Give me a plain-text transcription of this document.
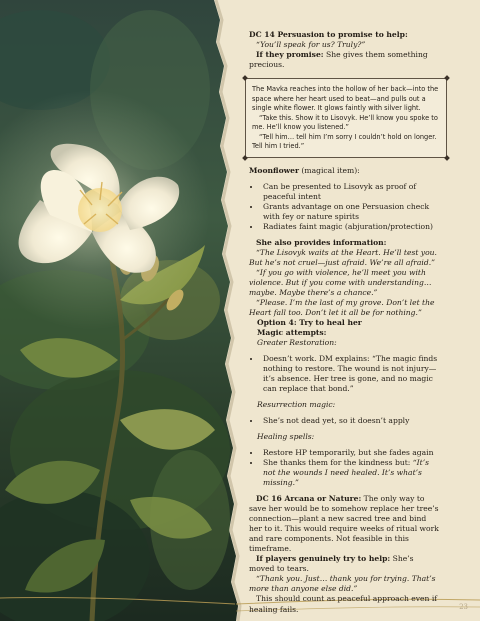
DC 14 Persuasion to promise to help:

“You’ll speak for us? Truly?”

If they promise: She gives them something precious.

The Mavka reaches into the hollow of her back—into the space where her heart used to beat—and pulls out a single white flower. It glows faintly with silver light.

“Take this. Show it to Lisovyk. He’ll know you spoke to me. He’ll know you listened.”

“Tell him… tell him I’m sorry I couldn’t hold on longer. Tell him I tried.”

Moonflower (magical item):

• Can be presented to Lisovyk as proof of peaceful intent
• Grants advantage on one Persuasion check with fey or nature spirits
• Radiates faint magic (abjuration/protection)

She also provides information:

“The Lisovyk waits at the Heart. He’ll test you. But he’s not cruel—just afraid. We’re all afraid.”

“If you go with violence, he’ll meet you with violence. But if you come with understanding… maybe. Maybe there’s a chance.”

“Please. I’m the last of my grove. Don’t let the Heart fall too. Don’t let it all be for nothing.”

Option 4: Try to heal her

Magic attempts:

Greater Restoration:

• Doesn’t work. DM explains: “The magic finds nothing to restore. The wound is not injury—it’s absence. Her tree is gone, and no magic can replace that bond.”

Resurrection magic:

• She’s not dead yet, so it doesn’t apply

Healing spells:

• Restore HP temporarily, but she fades again
• She thanks them for the kindness but: “It’s not the wounds I need healed. It’s what’s missing.”

DC 16 Arcana or Nature: The only way to save her would be to somehow replace her tree’s connection—plant a new sacred tree and bind her to it. This would require weeks of ritual work and rare components. Not feasible in this timeframe.

If players genuinely try to help: She’s moved to tears.

“Thank you. Just… thank you for trying. That’s more than anyone else did.”

This should count as peaceful approach even if healing fails.	23
